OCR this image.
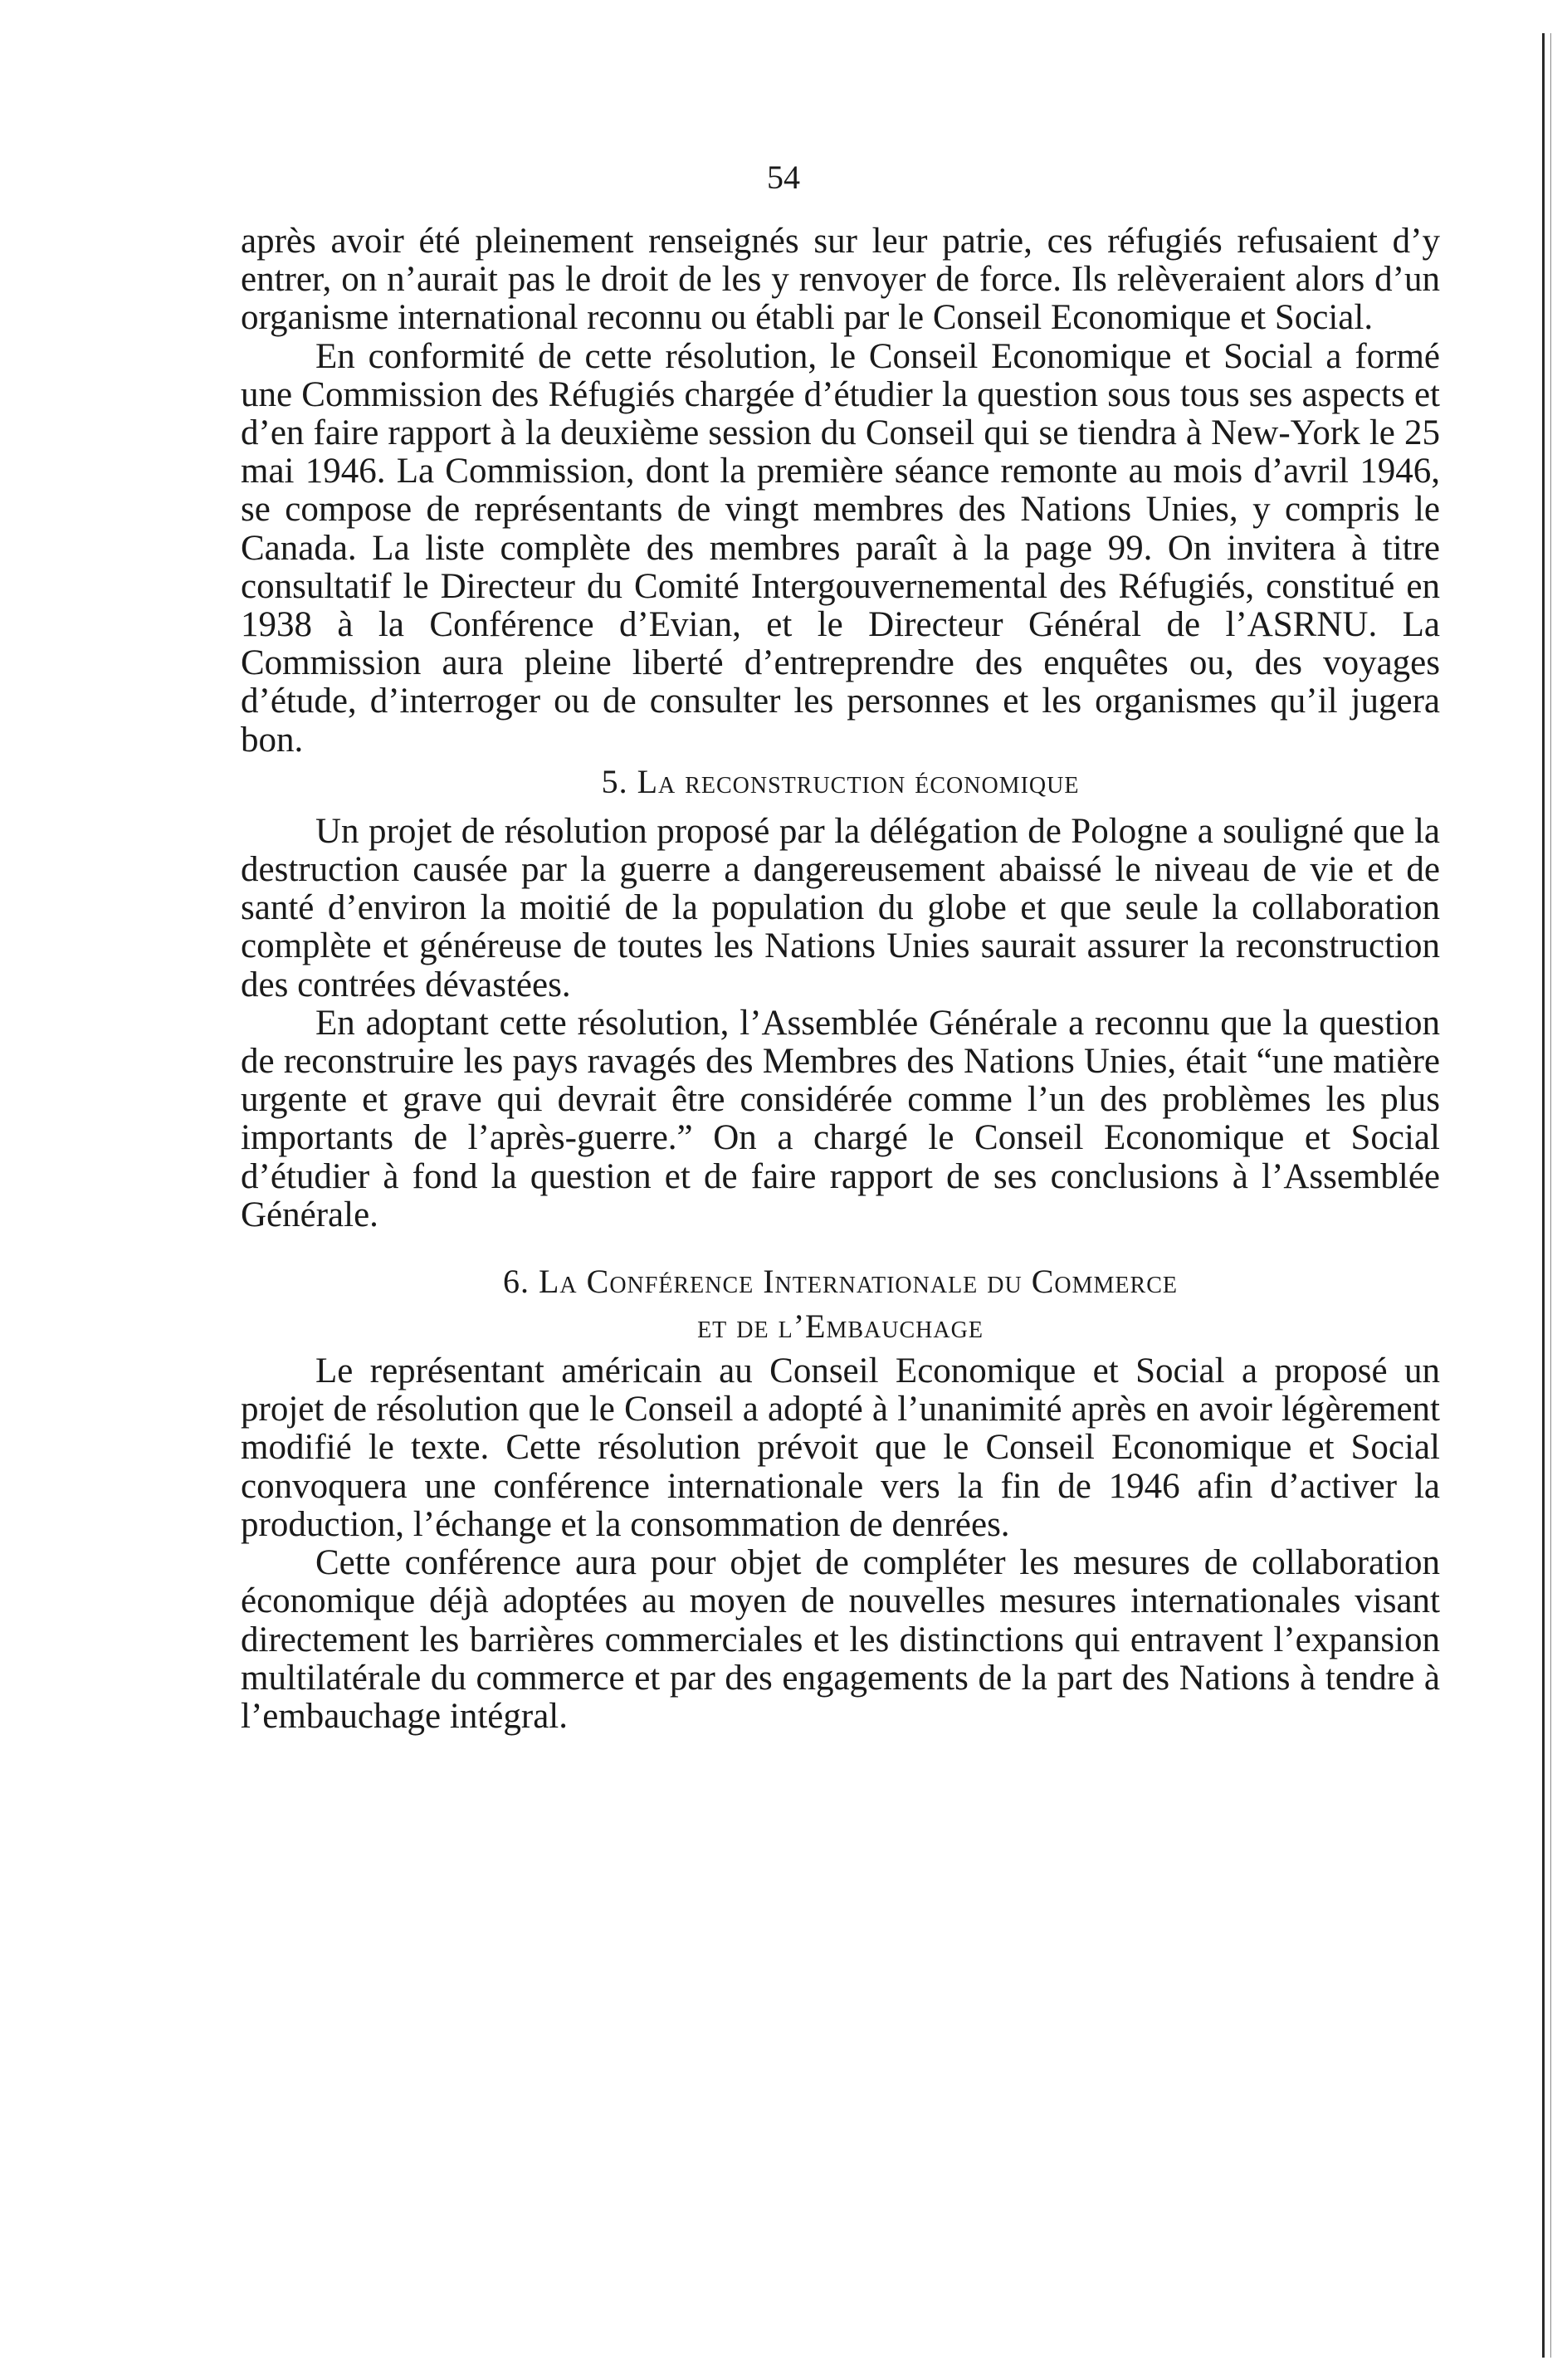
54

après avoir été pleinement renseignés sur leur patrie, ces réfugiés refusaient d’y entrer, on n’aurait pas le droit de les y renvoyer de force. Ils relèveraient alors d’un organisme international reconnu ou établi par le Conseil Economique et Social.

En conformité de cette résolution, le Conseil Economique et Social a formé une Commission des Réfugiés chargée d’étudier la question sous tous ses aspects et d’en faire rapport à la deuxième session du Conseil qui se tiendra à New-York le 25 mai 1946. La Commission, dont la première séance remonte au mois d’avril 1946, se compose de représentants de vingt membres des Nations Unies, y compris le Canada. La liste complète des membres paraît à la page 99. On invitera à titre consultatif le Directeur du Comité Intergouvernemental des Réfugiés, constitué en 1938 à la Conférence d’Evian, et le Directeur Général de l’ASRNU. La Commission aura pleine liberté d’entreprendre des enquêtes ou, des voyages d’étude, d’interroger ou de consulter les personnes et les organismes qu’il jugera bon.

5. La reconstruction économique

Un projet de résolution proposé par la délégation de Pologne a souligné que la destruction causée par la guerre a dangereusement abaissé le niveau de vie et de santé d’environ la moitié de la population du globe et que seule la collaboration complète et généreuse de toutes les Nations Unies saurait assurer la reconstruction des contrées dévastées.

En adoptant cette résolution, l’Assemblée Générale a reconnu que la question de reconstruire les pays ravagés des Membres des Nations Unies, était “une matière urgente et grave qui devrait être considérée comme l’un des problèmes les plus importants de l’après-guerre.” On a chargé le Conseil Economique et Social d’étudier à fond la question et de faire rapport de ses conclusions à l’Assemblée Générale.

6. La Conférence Internationale du Commerce

et de l’Embauchage

Le représentant américain au Conseil Economique et Social a proposé un projet de résolution que le Conseil a adopté à l’unanimité après en avoir légèrement modifié le texte. Cette résolution prévoit que le Conseil Economique et Social convoquera une conférence internationale vers la fin de 1946 afin d’activer la production, l’échange et la consommation de denrées.

Cette conférence aura pour objet de compléter les mesures de collaboration économique déjà adoptées au moyen de nouvelles mesures internationales visant directement les barrières commerciales et les distinctions qui entravent l’expansion multilatérale du commerce et par des engagements de la part des Nations à tendre à l’embauchage intégral.
